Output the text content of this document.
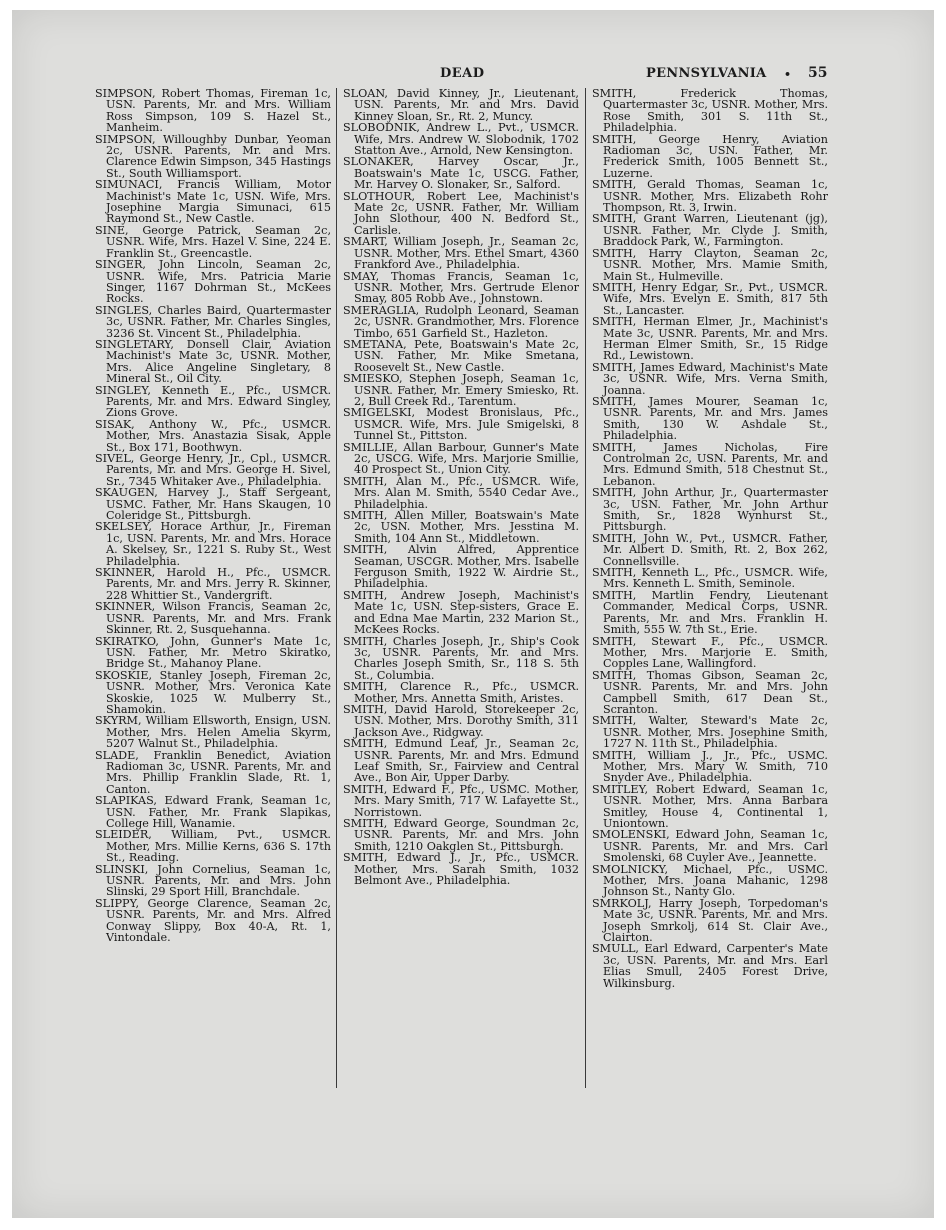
DEAD	PENNSYLVANIA • 55

SIMPSON, Robert Thomas, Fireman 1c, USN. Parents, Mr. and Mrs. William Ross Simpson, 109 S. Hazel St., Manheim.

SIMPSON, Willoughby Dunbar, Yeoman 2c, USNR. Parents, Mr. and Mrs. Clarence Edwin Simpson, 345 Hastings St., South Williamsport.

SIMUNACI, Francis William, Motor Machinist's Mate 1c, USN. Wife, Mrs. Josephine Margia Simunaci, 615 Raymond St., New Castle.

SINE, George Patrick, Seaman 2c, USNR. Wife, Mrs. Hazel V. Sine, 224 E. Franklin St., Greencastle.

SINGER, John Lincoln, Seaman 2c, USNR. Wife, Mrs. Patricia Marie Singer, 1167 Dohrman St., McKees Rocks.

SINGLES, Charles Baird, Quartermaster 3c, USNR. Father, Mr. Charles Singles, 3236 St. Vincent St., Philadelphia.

SINGLETARY, Donsell Clair, Aviation Machinist's Mate 3c, USNR. Mother, Mrs. Alice Angeline Singletary, 8 Mineral St., Oil City.

SINGLEY, Kenneth E., Pfc., USMCR. Parents, Mr. and Mrs. Edward Singley, Zions Grove.

SISAK, Anthony W., Pfc., USMCR. Mother, Mrs. Anastazia Sisak, Apple St., Box 171, Boothwyn.

SIVEL, George Henry, Jr., Cpl., USMCR. Parents, Mr. and Mrs. George H. Sivel, Sr., 7345 Whitaker Ave., Philadelphia.

SKAUGEN, Harvey J., Staff Sergeant, USMC. Father, Mr. Hans Skaugen, 10 Coleridge St., Pittsburgh.

SKELSEY, Horace Arthur, Jr., Fireman 1c, USN. Parents, Mr. and Mrs. Horace A. Skelsey, Sr., 1221 S. Ruby St., West Philadelphia.

SKINNER, Harold H., Pfc., USMCR. Parents, Mr. and Mrs. Jerry R. Skinner, 228 Whittier St., Vandergrift.

SKINNER, Wilson Francis, Seaman 2c, USNR. Parents, Mr. and Mrs. Frank Skinner, Rt. 2, Susquehanna.

SKIRATKO, John, Gunner's Mate 1c, USN. Father, Mr. Metro Skiratko, Bridge St., Mahanoy Plane.

SKOSKIE, Stanley Joseph, Fireman 2c, USNR. Mother, Mrs. Veronica Kate Skoskie, 1025 W. Mulberry St., Shamokin.

SKYRM, William Ellsworth, Ensign, USN. Mother, Mrs. Helen Amelia Skyrm, 5207 Walnut St., Philadelphia.

SLADE, Franklin Benedict, Aviation Radioman 3c, USNR. Parents, Mr. and Mrs. Phillip Franklin Slade, Rt. 1, Canton.

SLAPIKAS, Edward Frank, Seaman 1c, USN. Father, Mr. Frank Slapikas, College Hill, Wanamie.

SLEIDER, William, Pvt., USMCR. Mother, Mrs. Millie Kerns, 636 S. 17th St., Reading.

SLINSKI, John Cornelius, Seaman 1c, USNR. Parents, Mr. and Mrs. John Slinski, 29 Sport Hill, Branchdale.

SLIPPY, George Clarence, Seaman 2c, USNR. Parents, Mr. and Mrs. Alfred Conway Slippy, Box 40-A, Rt. 1, Vintondale.

SLOAN, David Kinney, Jr., Lieutenant, USN. Parents, Mr. and Mrs. David Kinney Sloan, Sr., Rt. 2, Muncy.

SLOBODNIK, Andrew L., Pvt., USMCR. Wife, Mrs. Andrew W. Slobodnik, 1702 Statton Ave., Arnold, New Kensington.

SLONAKER, Harvey Oscar, Jr., Boatswain's Mate 1c, USCG. Father, Mr. Harvey O. Slonaker, Sr., Salford.

SLOTHOUR, Robert Lee, Machinist's Mate 2c, USNR. Father, Mr. William John Slothour, 400 N. Bedford St., Carlisle.

SMART, William Joseph, Jr., Seaman 2c, USNR. Mother, Mrs. Ethel Smart, 4360 Frankford Ave., Philadelphia.

SMAY, Thomas Francis, Seaman 1c, USNR. Mother, Mrs. Gertrude Elenor Smay, 805 Robb Ave., Johnstown.

SMERAGLIA, Rudolph Leonard, Seaman 2c, USNR. Grandmother, Mrs. Florence Timbo, 651 Garfield St., Hazleton.

SMETANA, Pete, Boatswain's Mate 2c, USN. Father, Mr. Mike Smetana, Roosevelt St., New Castle.

SMIESKO, Stephen Joseph, Seaman 1c, USNR. Father, Mr. Emery Smiesko, Rt. 2, Bull Creek Rd., Tarentum.

SMIGELSKI, Modest Bronislaus, Pfc., USMCR. Wife, Mrs. Jule Smigelski, 8 Tunnel St., Pittston.

SMILLIE, Allan Barbour, Gunner's Mate 2c, USCG. Wife, Mrs. Marjorie Smillie, 40 Prospect St., Union City.

SMITH, Alan M., Pfc., USMCR. Wife, Mrs. Alan M. Smith, 5540 Cedar Ave., Philadelphia.

SMITH, Allen Miller, Boatswain's Mate 2c, USN. Mother, Mrs. Jesstina M. Smith, 104 Ann St., Middletown.

SMITH, Alvin Alfred, Apprentice Seaman, USCGR. Mother, Mrs. Isabelle Ferguson Smith, 1922 W. Airdrie St., Philadelphia.

SMITH, Andrew Joseph, Machinist's Mate 1c, USN. Step-sisters, Grace E. and Edna Mae Martin, 232 Marion St., McKees Rocks.

SMITH, Charles Joseph, Jr., Ship's Cook 3c, USNR. Parents, Mr. and Mrs. Charles Joseph Smith, Sr., 118 S. 5th St., Columbia.

SMITH, Clarence R., Pfc., USMCR. Mother, Mrs. Annetta Smith, Aristes.

SMITH, David Harold, Storekeeper 2c, USN. Mother, Mrs. Dorothy Smith, 311 Jackson Ave., Ridgway.

SMITH, Edmund Leaf, Jr., Seaman 2c, USNR. Parents, Mr. and Mrs. Edmund Leaf Smith, Sr., Fairview and Central Ave., Bon Air, Upper Darby.

SMITH, Edward F., Pfc., USMC. Mother, Mrs. Mary Smith, 717 W. Lafayette St., Norristown.

SMITH, Edward George, Soundman 2c, USNR. Parents, Mr. and Mrs. John Smith, 1210 Oakglen St., Pittsburgh.

SMITH, Edward J., Jr., Pfc., USMCR. Mother, Mrs. Sarah Smith, 1032 Belmont Ave., Philadelphia.

SMITH, Frederick Thomas, Quartermaster 3c, USNR. Mother, Mrs. Rose Smith, 301 S. 11th St., Philadelphia.

SMITH, George Henry, Aviation Radioman 3c, USN. Father, Mr. Frederick Smith, 1005 Bennett St., Luzerne.

SMITH, Gerald Thomas, Seaman 1c, USNR. Mother, Mrs. Elizabeth Rohr Thompson, Rt. 3, Irwin.

SMITH, Grant Warren, Lieutenant (jg), USNR. Father, Mr. Clyde J. Smith, Braddock Park, W., Farmington.

SMITH, Harry Clayton, Seaman 2c, USNR. Mother, Mrs. Mamie Smith, Main St., Hulmeville.

SMITH, Henry Edgar, Sr., Pvt., USMCR. Wife, Mrs. Evelyn E. Smith, 817 5th St., Lancaster.

SMITH, Herman Elmer, Jr., Machinist's Mate 3c, USNR. Parents, Mr. and Mrs. Herman Elmer Smith, Sr., 15 Ridge Rd., Lewistown.

SMITH, James Edward, Machinist's Mate 3c, USNR. Wife, Mrs. Verna Smith, Joanna.

SMITH, James Mourer, Seaman 1c, USNR. Parents, Mr. and Mrs. James Smith, 130 W. Ashdale St., Philadelphia.

SMITH, James Nicholas, Fire Controlman 2c, USN. Parents, Mr. and Mrs. Edmund Smith, 518 Chestnut St., Lebanon.

SMITH, John Arthur, Jr., Quartermaster 3c, USN. Father, Mr. John Arthur Smith, Sr., 1828 Wynhurst St., Pittsburgh.

SMITH, John W., Pvt., USMCR. Father, Mr. Albert D. Smith, Rt. 2, Box 262, Connellsville.

SMITH, Kenneth L., Pfc., USMCR. Wife, Mrs. Kenneth L. Smith, Seminole.

SMITH, Martlin Fendry, Lieutenant Commander, Medical Corps, USNR. Parents, Mr. and Mrs. Franklin H. Smith, 555 W. 7th St., Erie.

SMITH, Stewart F., Pfc., USMCR. Mother, Mrs. Marjorie E. Smith, Copples Lane, Wallingford.

SMITH, Thomas Gibson, Seaman 2c, USNR. Parents, Mr. and Mrs. John Campbell Smith, 617 Dean St., Scranton.

SMITH, Walter, Steward's Mate 2c, USNR. Mother, Mrs. Josephine Smith, 1727 N. 11th St., Philadelphia.

SMITH, William J., Jr., Pfc., USMC. Mother, Mrs. Mary W. Smith, 710 Snyder Ave., Philadelphia.

SMITLEY, Robert Edward, Seaman 1c, USNR. Mother, Mrs. Anna Barbara Smitley, House 4, Continental 1, Uniontown.

SMOLENSKI, Edward John, Seaman 1c, USNR. Parents, Mr. and Mrs. Carl Smolenski, 68 Cuyler Ave., Jeannette.

SMOLNICKY, Michael, Pfc., USMC. Mother, Mrs. Joana Mahanic, 1298 Johnson St., Nanty Glo.

SMRKOLJ, Harry Joseph, Torpedoman's Mate 3c, USNR. Parents, Mr. and Mrs. Joseph Smrkolj, 614 St. Clair Ave., Clairton.

SMULL, Earl Edward, Carpenter's Mate 3c, USN. Parents, Mr. and Mrs. Earl Elias Smull, 2405 Forest Drive, Wilkinsburg.
